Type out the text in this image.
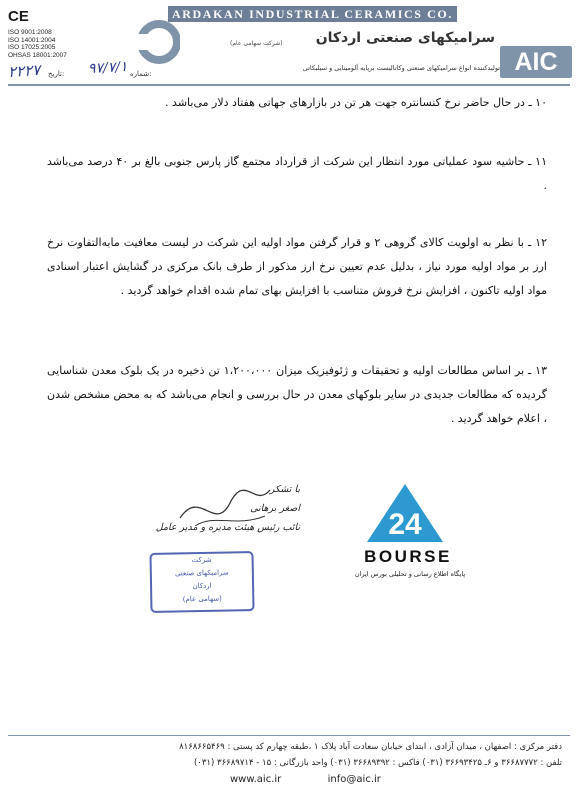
CE
ISO 9001:2008
ISO 14001:2004
ISO 17025:2005
OHSAS 18001:2007
۲۲۲۷ تاریخ: ۹۷/۷/۱ شماره:
ARDAKAN INDUSTRIAL CERAMICS CO.
سرامیکهای صنعتی اردکان
(شرکت سهامی عام)
تولیدکننده انواع سرامیکهای صنعتی وکاتالیست برپایه آلومینایی و سیلیکاتی AIC
۱۰ ـ در حال حاضر نرخ کنسانتره جهت هر تن در بازارهای جهانی هفتاد دلار می‌باشد .
۱۱ ـ حاشیه سود عملیاتی مورد انتظار این شرکت از قرارداد مجتمع گاز پارس جنوبی بالغ بر ۴۰ درصد می‌باشد .
۱۲ ـ با نظر به اولویت کالای گروهی ۲ و قرار گرفتن مواد اولیه این شرکت در لیست معافیت مابه‌التفاوت نرخ ارز بر مواد اولیه مورد نیاز ، بدلیل عدم تعیین نرخ ارز مذکور از طرف بانک مرکزی در گشایش اعتبار اسنادی مواد اولیه تاکنون ، افزایش نرخ فروش متناسب با افزایش بهای تمام شده اقدام خواهد گردید .
۱۳ ـ بر اساس مطالعات اولیه و تحقیقات و ژئوفیزیک میزان ۱،۲۰۰،۰۰۰ تن ذخیره در یک بلوک معدن شناسایی گردیده که مطالعات جدیدی در سایر بلوکهای معدن در حال بررسی و انجام می‌باشد که به محض مشخص شدن ، اعلام خواهد گردید .
با تشکر
اصغر برهانی
نائب رئیس هیئت مدیره و مدیر عامل
شرکت
سرامیکهای صنعتی
اردکان
(سهامی عام)
24
BOURSE
پایگاه اطلاع رسانی و تحلیلی بورس ایران
دفتر مرکزی : اصفهان ، میدان آزادی ، ابتدای خیابان سعادت آباد پلاک ۱ ،طبقه چهارم کد پستی : ۸۱۶۸۶۶۵۴۶۹
تلفن : ۳۶۶۸۷۷۷۲ و ۶ـ ۳۶۶۹۳۴۲۵ (۰۳۱) فاکس : ۳۶۶۸۹۳۹۲ (۰۳۱) واحد بازرگانی : ۱۵ - ۳۶۶۸۹۷۱۴ (۰۳۱)
www.aic.ir	info@aic.ir
